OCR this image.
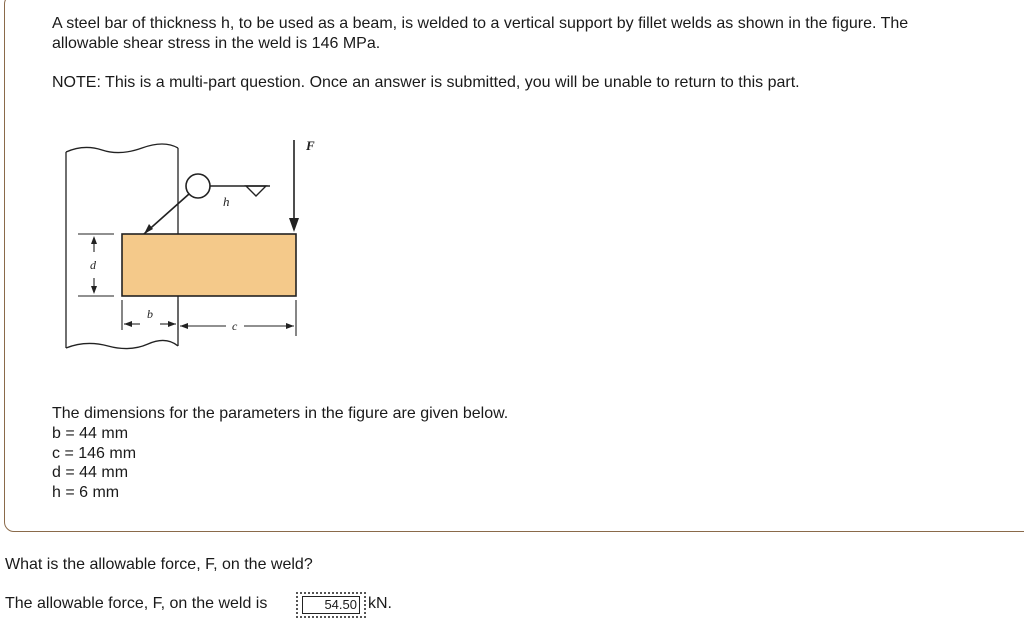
A steel bar of thickness h, to be used as a beam, is welded to a vertical support by fillet welds as shown in the figure. The
allowable shear stress in the weld is 146 MPa.
NOTE: This is a multi-part question. Once an answer is submitted, you will be unable to return to this part.
h
F
d
b
c
The dimensions for the parameters in the figure are given below.
b = 44 mm
c = 146 mm
d = 44 mm
h = 6 mm
What is the allowable force, F, on the weld?
The allowable force, F, on the weld is	54.50 kN.
